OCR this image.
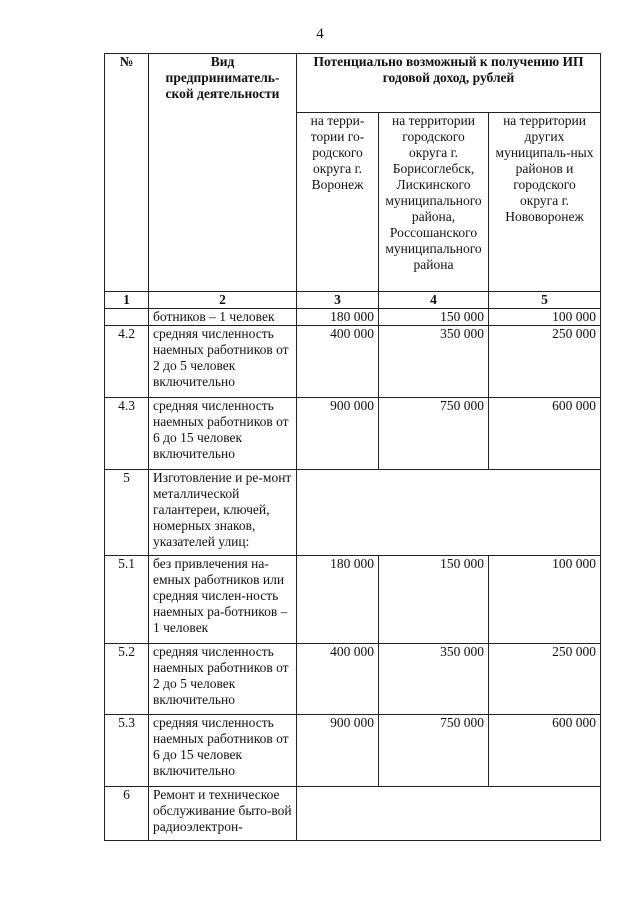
4
№	Вид предприниматель-ской деятельности	Потенциально возможный к получению ИП годовой доход, рублей		
		на терри-тории го-родского округа г. Воронеж	на территории городского округа г. Борисоглебск, Лискинского муниципального района, Россошанского муниципального района	на территории других муниципаль-ных районов и городского округа г. Нововоронеж
1	2	3	4	5
	ботников – 1 человек	180 000	150 000	100 000
4.2	средняя численность наемных работников от 2 до 5 человек включительно	400 000	350 000	250 000
4.3	средняя численность наемных работников от 6 до 15 человек включительно	900 000	750 000	600 000
5	Изготовление и ре-монт металлической галантереи, ключей, номерных знаков, указателей улиц:			
5.1	без привлечения на-емных работников или средняя числен-ность наемных ра-ботников – 1 человек	180 000	150 000	100 000
5.2	средняя численность наемных работников от 2 до 5 человек включительно	400 000	350 000	250 000
5.3	средняя численность наемных работников от 6 до 15 человек включительно	900 000	750 000	600 000
6	Ремонт и техническое обслуживание быто-вой радиоэлектрон-			
